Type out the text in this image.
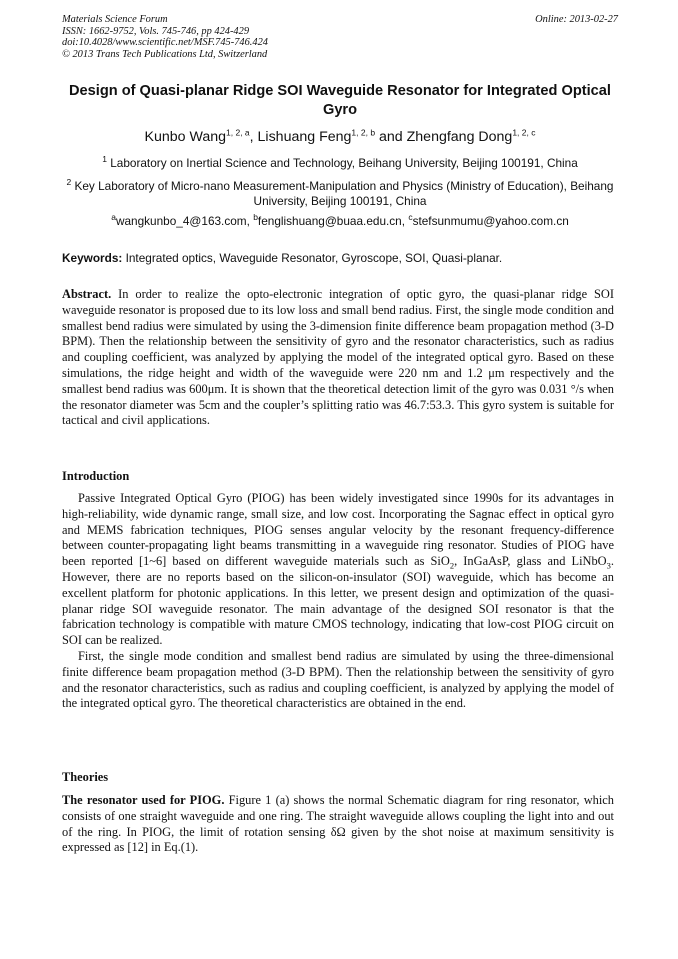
Materials Science Forum
ISSN: 1662-9752, Vols. 745-746, pp 424-429
doi:10.4028/www.scientific.net/MSF.745-746.424
© 2013 Trans Tech Publications Ltd, Switzerland
Online: 2013-02-27
Design of Quasi-planar Ridge SOI Waveguide Resonator for Integrated Optical Gyro
Kunbo Wang$^{1, 2, a}$, Lishuang Feng$^{1, 2, b}$ and Zhengfang Dong$^{1, 2, c}$
$^1$ Laboratory on Inertial Science and Technology, Beihang University, Beijing 100191, China
$^2$ Key Laboratory of Micro-nano Measurement-Manipulation and Physics (Ministry of Education), Beihang University, Beijing 100191, China
$^a$wangkunbo_4@163.com, $^b$fenglishuang@buaa.edu.cn, $^c$stefsunmumu@yahoo.com.cn
Keywords: Integrated optics, Waveguide Resonator, Gyroscope, SOI, Quasi-planar.
Abstract. In order to realize the opto-electronic integration of optic gyro, the quasi-planar ridge SOI waveguide resonator is proposed due to its low loss and small bend radius. First, the single mode condition and smallest bend radius were simulated by using the 3-dimension finite difference beam propagation method (3-D BPM). Then the relationship between the sensitivity of gyro and the resonator characteristics, such as radius and coupling coefficient, was analyzed by applying the model of the integrated optical gyro. Based on these simulations, the ridge height and width of the waveguide were 220 nm and 1.2 μm respectively and the smallest bend radius was 600μm. It is shown that the theoretical detection limit of the gyro was 0.031 °/s when the resonator diameter was 5cm and the coupler’s splitting ratio was 46.7:53.3. This gyro system is suitable for tactical and civil applications.
Introduction

Passive Integrated Optical Gyro (PIOG) has been widely investigated since 1990s for its advantages in high-reliability, wide dynamic range, small size, and low cost. Incorporating the Sagnac effect in optical gyro and MEMS fabrication techniques, PIOG senses angular velocity by the resonant frequency-difference between counter-propagating light beams transmitting in a waveguide ring resonator. Studies of PIOG have been reported [1~6] based on different waveguide materials such as SiO$_2$, InGaAsP, glass and LiNbO$_3$. However, there are no reports based on the silicon-on-insulator (SOI) waveguide, which has become an excellent platform for photonic applications. In this letter, we present design and optimization of the quasi-planar ridge SOI waveguide resonator. The main advantage of the designed SOI resonator is that the fabrication technology is compatible with mature CMOS technology, indicating that low-cost PIOG circuit on SOI can be realized.

First, the single mode condition and smallest bend radius are simulated by using the three-dimensional finite difference beam propagation method (3-D BPM). Then the relationship between the sensitivity of gyro and the resonator characteristics, such as radius and coupling coefficient, is analyzed by applying the model of the integrated optical gyro. The theoretical characteristics are obtained in the end.

Theories
The resonator used for PIOG. Figure 1 (a) shows the normal Schematic diagram for ring resonator, which consists of one straight waveguide and one ring. The straight waveguide allows coupling the light into and out of the ring. In PIOG, the limit of rotation sensing δΩ given by the shot noise at maximum sensitivity is expressed as [12] in Eq.(1).
